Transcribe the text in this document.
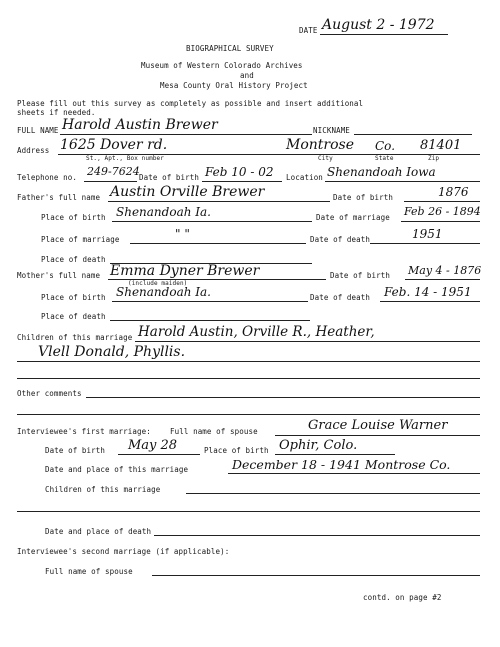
DATE August 2 - 1972
BIOGRAPHICAL SURVEY
Museum of Western Colorado Archives
and
Mesa County Oral History Project
Please fill out this survey as completely as possible and insert additional
sheets if needed.
FULL NAME Harold Austin Brewer	NICKNAME
Address 1625 Dover rd.	Montrose Co. 81401
St., Apt., Box number	City	State	Zip
Telephone no. 249-7624 Date of birth Feb 10 - 02 Location Shenandoah Iowa
Father's full name Austin Orville Brewer	Date of birth	1876
Place of birth Shenandoah Ia.	Date of marriage Feb 26 - 1894
Place of marriage	" "	Date of death	1951
Place of death
Mother's full name Emma Dyner Brewer
(include maiden)
Date of birth May 4 - 1876
Place of birth Shenandoah Ia.	Date of death Feb. 14 - 1951
Place of death
Children of this marriage Harold Austin, Orville R., Heather,
Vlell Donald, Phyllis.
Other comments
Interviewee's first marriage:	Full name of spouse	Grace Louise Warner
Date of birth May 28	Place of birth Ophir, Colo.
Date and place of this marriage	December 18 - 1941 Montrose Co.
Children of this marriage
Date and place of death
Interviewee's second marriage (if applicable):
Full name of spouse
contd. on page #2
